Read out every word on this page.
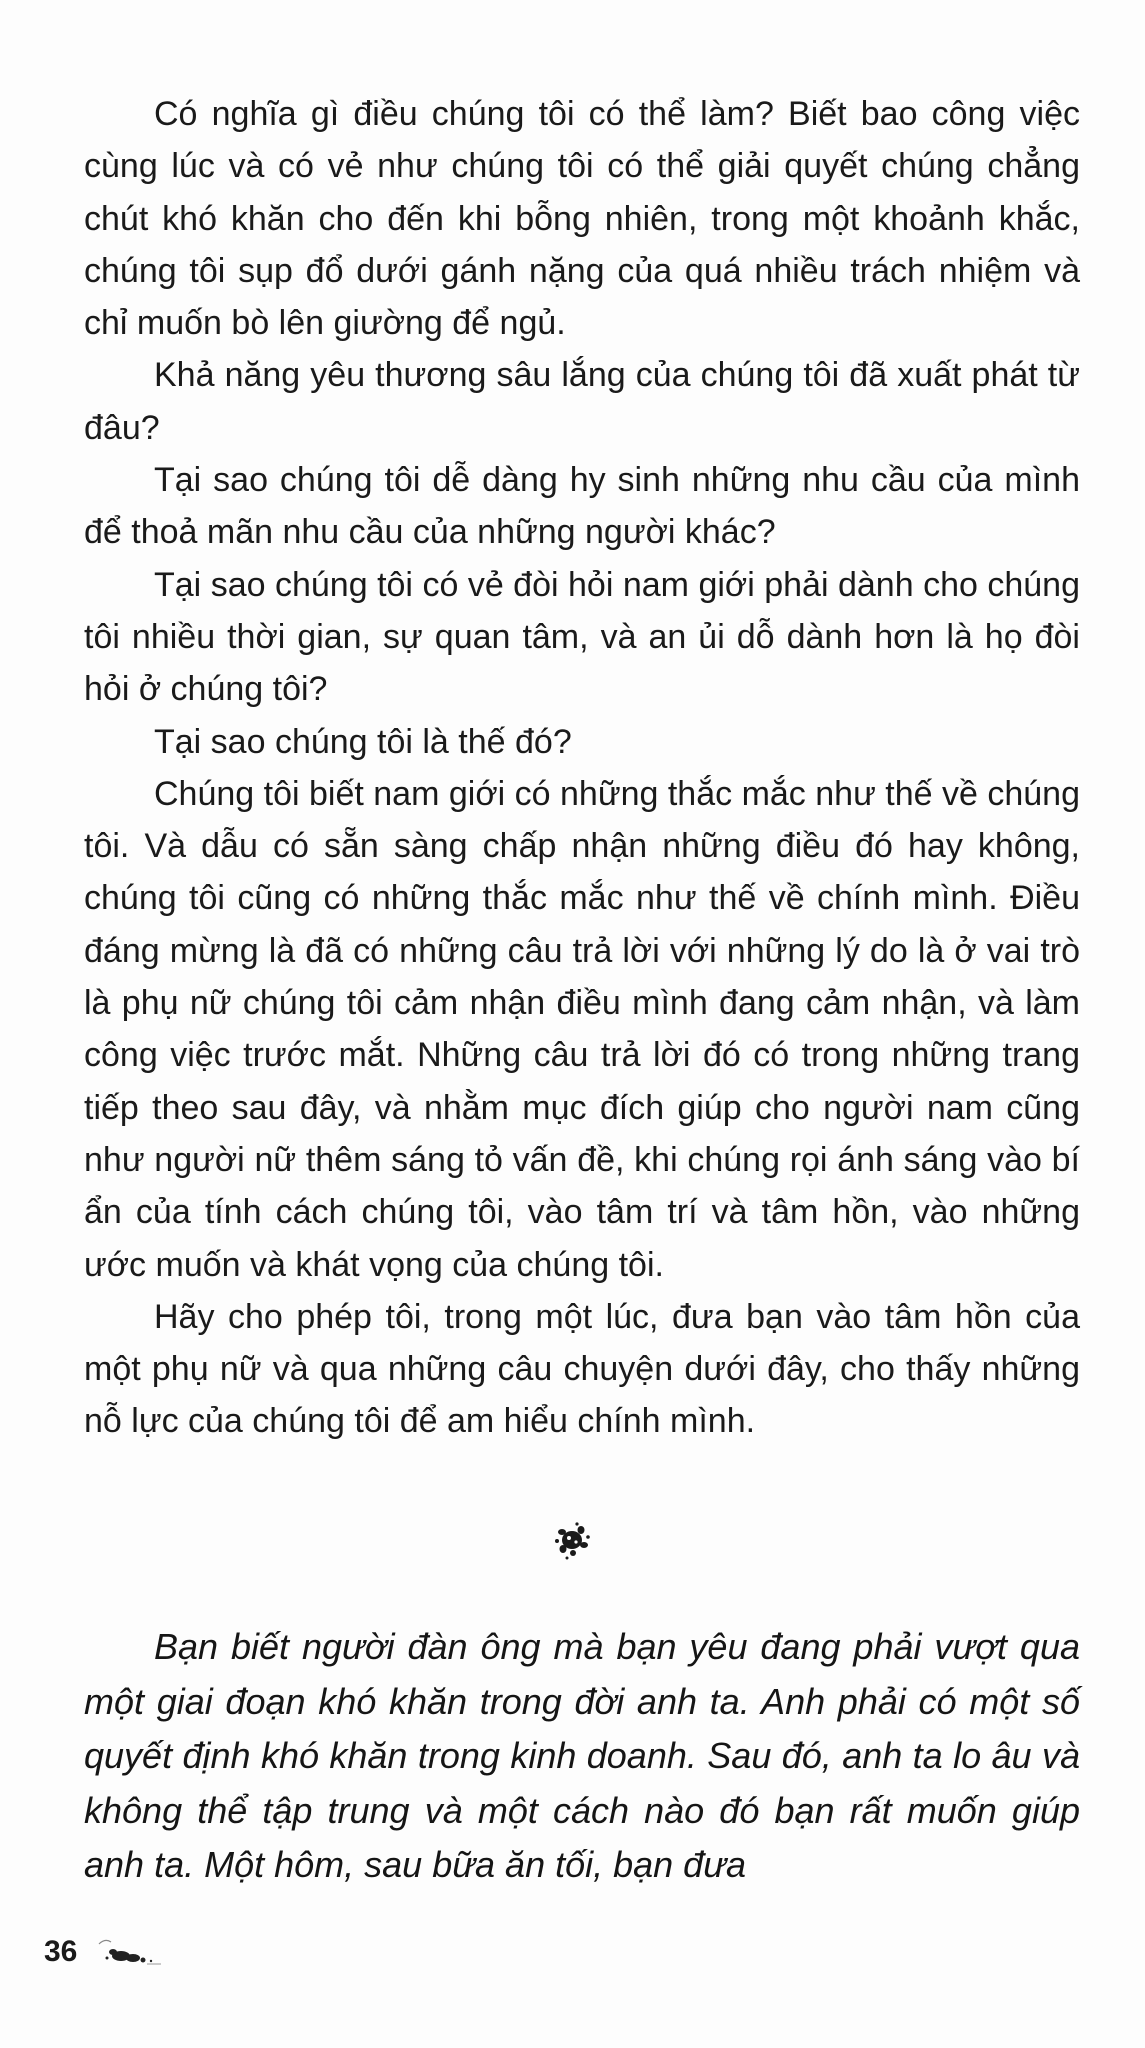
Có nghĩa gì điều chúng tôi có thể làm? Biết bao công việc cùng lúc và có vẻ như chúng tôi có thể giải quyết chúng chẳng chút khó khăn cho đến khi bỗng nhiên, trong một khoảnh khắc, chúng tôi sụp đổ dưới gánh nặng của quá nhiều trách nhiệm và chỉ muốn bò lên giường để ngủ.

Khả năng yêu thương sâu lắng của chúng tôi đã xuất phát từ đâu?

Tại sao chúng tôi dễ dàng hy sinh những nhu cầu của mình để thoả mãn nhu cầu của những người khác?

Tại sao chúng tôi có vẻ đòi hỏi nam giới phải dành cho chúng tôi nhiều thời gian, sự quan tâm, và an ủi dỗ dành hơn là họ đòi hỏi ở chúng tôi?

Tại sao chúng tôi là thế đó?

Chúng tôi biết nam giới có những thắc mắc như thế về chúng tôi. Và dẫu có sẵn sàng chấp nhận những điều đó hay không, chúng tôi cũng có những thắc mắc như thế về chính mình. Điều đáng mừng là đã có những câu trả lời với những lý do là ở vai trò là phụ nữ chúng tôi cảm nhận điều mình đang cảm nhận, và làm công việc trước mắt. Những câu trả lời đó có trong những trang tiếp theo sau đây, và nhằm mục đích giúp cho người nam cũng như người nữ thêm sáng tỏ vấn đề, khi chúng rọi ánh sáng vào bí ẩn của tính cách chúng tôi, vào tâm trí và tâm hồn, vào những ước muốn và khát vọng của chúng tôi.

Hãy cho phép tôi, trong một lúc, đưa bạn vào tâm hồn của một phụ nữ và qua những câu chuyện dưới đây, cho thấy những nỗ lực của chúng tôi để am hiểu chính mình.

Bạn biết người đàn ông mà bạn yêu đang phải vượt qua một giai đoạn khó khăn trong đời anh ta. Anh phải có một số quyết định khó khăn trong kinh doanh. Sau đó, anh ta lo âu và không thể tập trung và một cách nào đó bạn rất muốn giúp anh ta. Một hôm, sau bữa ăn tối, bạn đưa

36
